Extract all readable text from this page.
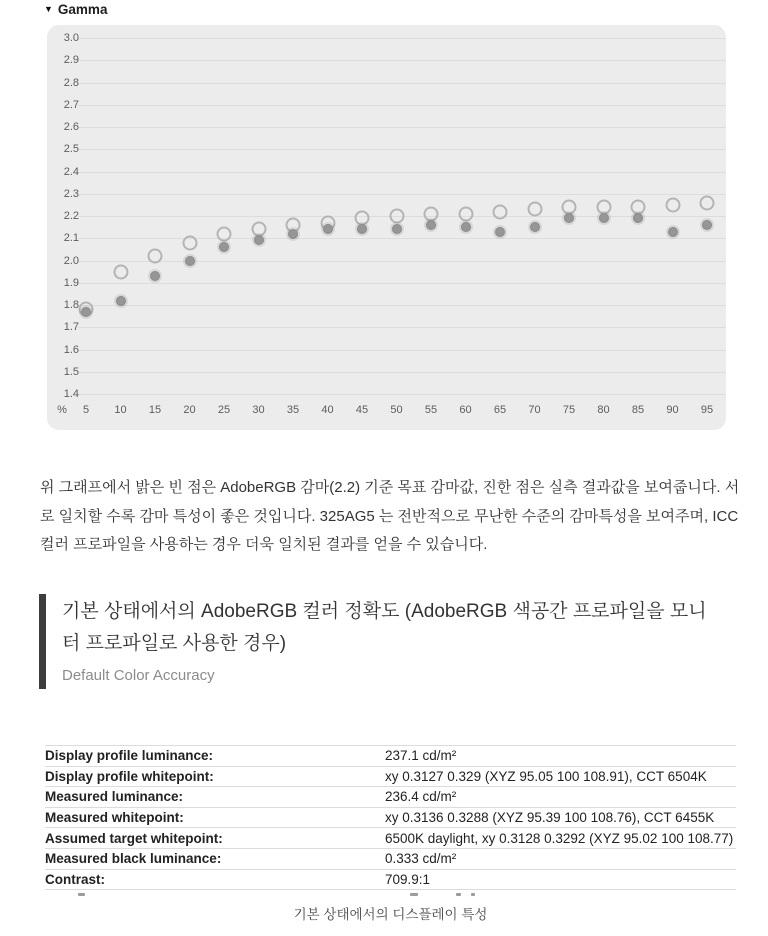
▼ Gamma
3.0
2.9
2.8
2.7
2.6
2.5
2.4
2.3
2.2
2.1
2.0
1.9
1.8
1.7
1.6
1.5
1.4
%	5	10	15	20	25	30	35	40	45	50	55	60	65	70	75	80	85	90	95

위 그래프에서 밝은 빈 점은 AdobeRGB 감마(2.2) 기준 목표 감마값, 진한 점은 실측 결과값을 보여줍니다. 서로 일치할 수록 감마 특성이 좋은 것입니다. 325AG5 는 전반적으로 무난한 수준의 감마특성을 보여주며, ICC 컬러 프로파일을 사용하는 경우 더욱 일치된 결과를 얻을 수 있습니다.

기본 상태에서의 AdobeRGB 컬러 정확도 (AdobeRGB 색공간 프로파일을 모니터 프로파일로 사용한 경우)
Default Color Accuracy
Display profile luminance:	237.1 cd/m²
Display profile whitepoint:	xy 0.3127 0.329 (XYZ 95.05 100 108.91), CCT 6504K
Measured luminance:	236.4 cd/m²
Measured whitepoint:	xy 0.3136 0.3288 (XYZ 95.39 100 108.76), CCT 6455K
Assumed target whitepoint:	6500K daylight, xy 0.3128 0.3292 (XYZ 95.02 100 108.77)
Measured black luminance:	0.333 cd/m²
Contrast:	709.9:1
기본 상태에서의 디스플레이 특성
